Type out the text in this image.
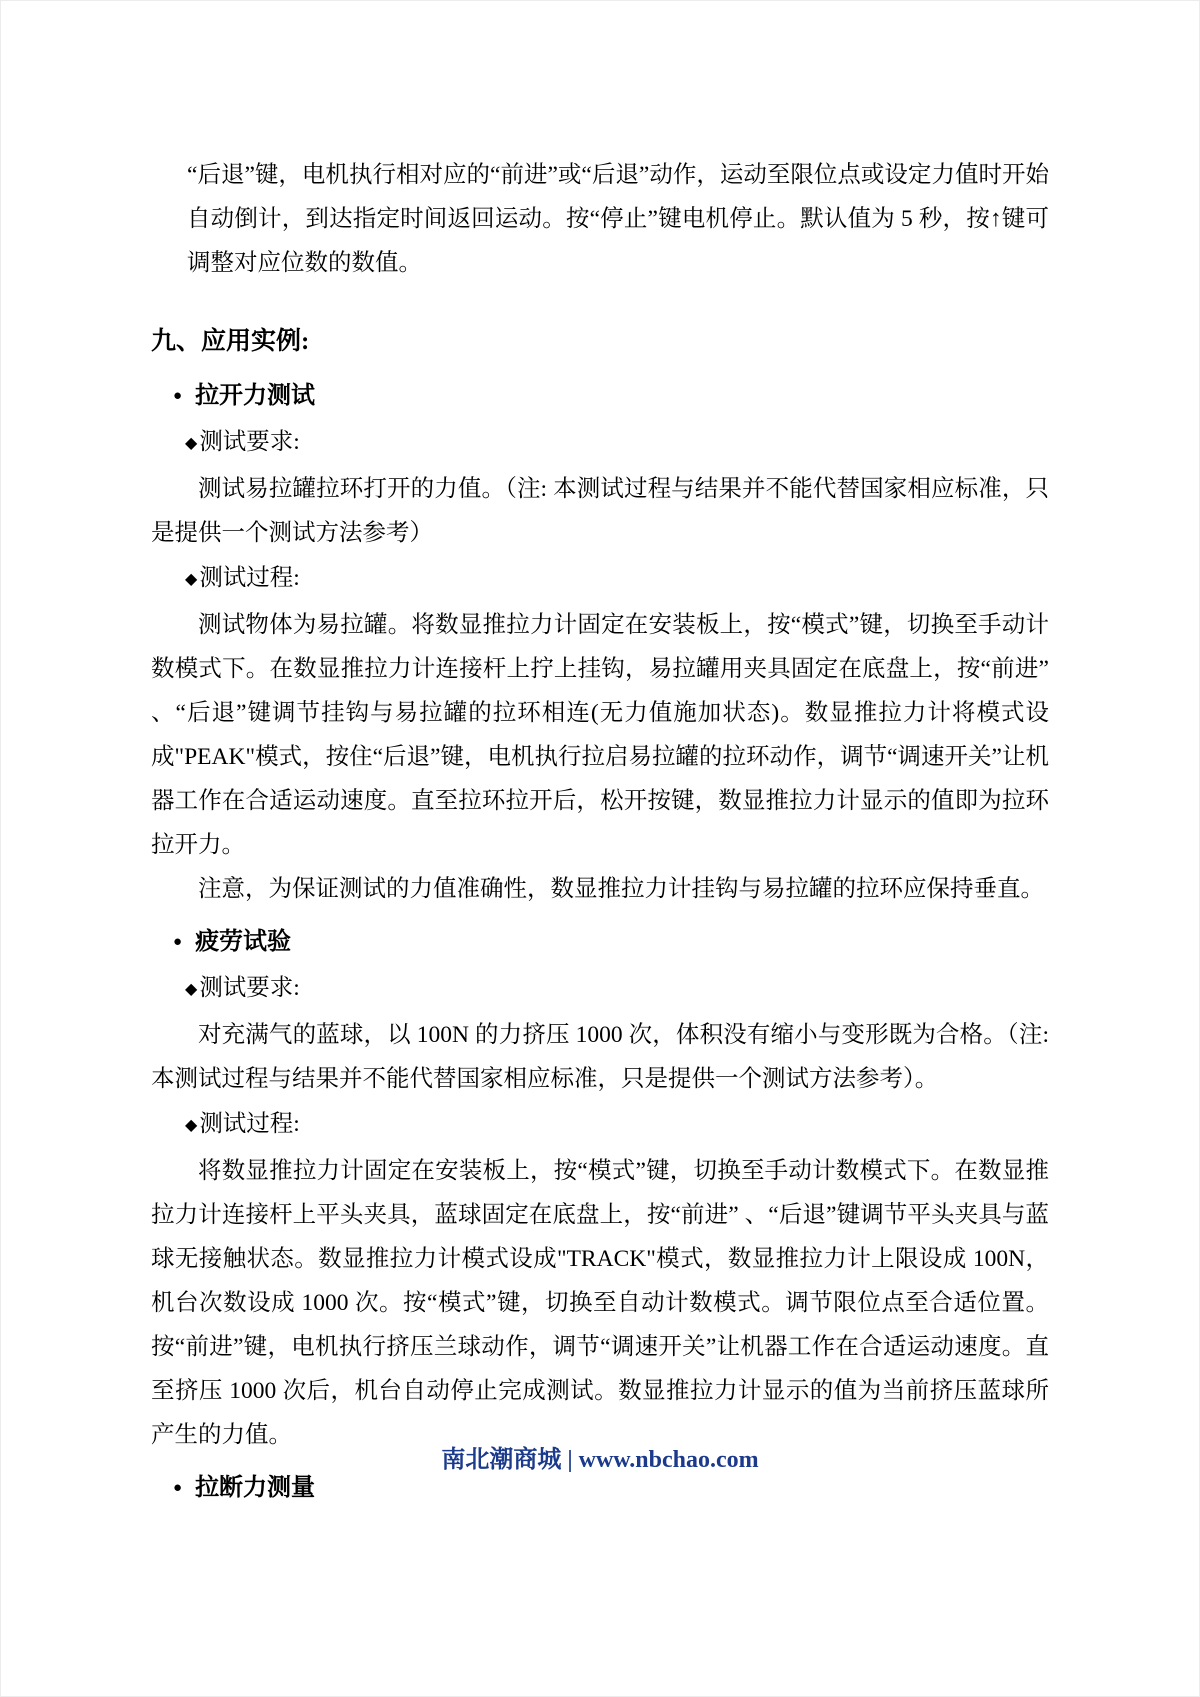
“后退”键，电机执行相对应的“前进”或“后退”动作，运动至限位点或设定力值时开始自动倒计，到达指定时间返回运动。按“停止”键电机停止。默认值为 5 秒，按↑键可调整对应位数的数值。

九、应用实例:
● 拉开力测试
◆测试要求:

测试易拉罐拉环打开的力值。（注: 本测试过程与结果并不能代替国家相应标准，只是提供一个测试方法参考）

◆测试过程:

测试物体为易拉罐。将数显推拉力计固定在安装板上，按“模式”键，切换至手动计数模式下。在数显推拉力计连接杆上拧上挂钩，易拉罐用夹具固定在底盘上，按“前进” 、“后退”键调节挂钩与易拉罐的拉环相连(无力值施加状态)。数显推拉力计将模式设成"PEAK"模式，按住“后退”键，电机执行拉启易拉罐的拉环动作，调节“调速开关”让机器工作在合适运动速度。直至拉环拉开后，松开按键，数显推拉力计显示的值即为拉环拉开力。

注意，为保证测试的力值准确性，数显推拉力计挂钩与易拉罐的拉环应保持垂直。

● 疲劳试验
◆测试要求:

对充满气的蓝球，以 100N 的力挤压 1000 次，体积没有缩小与变形既为合格。（注: 本测试过程与结果并不能代替国家相应标准，只是提供一个测试方法参考）。

◆测试过程:

将数显推拉力计固定在安装板上，按“模式”键，切换至手动计数模式下。在数显推拉力计连接杆上平头夹具，蓝球固定在底盘上，按“前进” 、“后退”键调节平头夹具与蓝球无接触状态。数显推拉力计模式设成"TRACK"模式，数显推拉力计上限设成 100N，机台次数设成 1000 次。按“模式”键，切换至自动计数模式。调节限位点至合适位置。按“前进”键，电机执行挤压兰球动作，调节“调速开关”让机器工作在合适运动速度。直至挤压 1000 次后，机台自动停止完成测试。数显推拉力计显示的值为当前挤压蓝球所产生的力值。

● 拉断力测量
南北潮商城 | www.nbchao.com
